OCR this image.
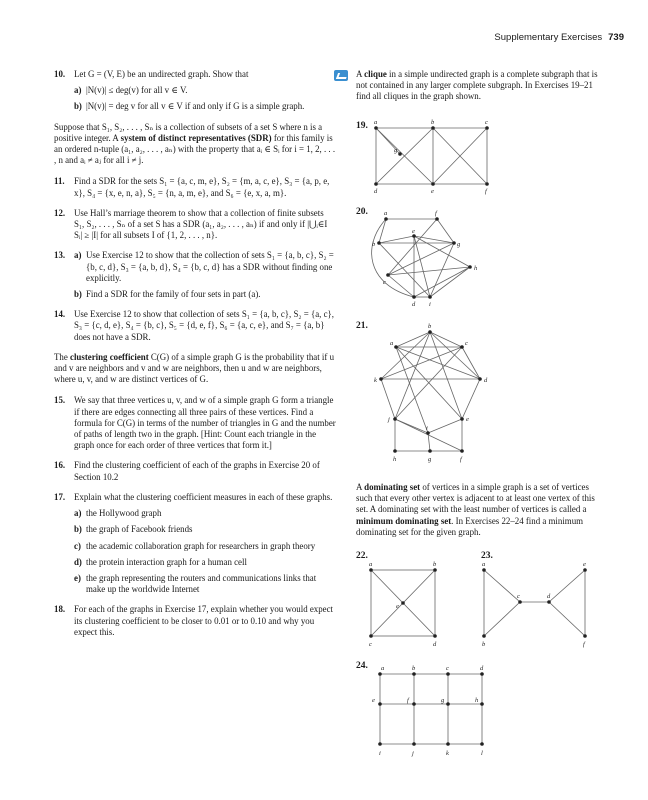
Supplementary Exercises 739
10. Let G = (V, E) be an undirected graph. Show that
a) |N(v)| ≤ deg(v) for all v ∈ V.
b) |N(v)| = deg v for all v ∈ V if and only if G is a simple graph.
Suppose that S₁, S₂, . . . , Sₙ is a collection of subsets of a set S where n is a positive integer. A system of distinct representatives (SDR) for this family is an ordered n-tuple (a₁, a₂, . . . , aₙ) with the property that aᵢ ∈ Sᵢ for i = 1, 2, . . . , n and aᵢ ≠ aⱼ for all i ≠ j.
11. Find a SDR for the sets S₁ = {a, c, m, e}, S₂ = {m, a, c, e}, S₃ = {a, p, e, x}, S₄ = {x, e, n, a}, S₅ = {n, a, m, e}, and S₆ = {e, x, a, m}.
12. Use Hall’s marriage theorem to show that a collection of finite subsets S₁, S₂, . . . , Sₙ of a set S has a SDR (a₁, a₂, . . . , aₙ) if and only if |⋃ᵢ∈I Sᵢ| ≥ |I| for all subsets I of {1, 2, . . . , n}.
13. a) Use Exercise 12 to show that the collection of sets S₁ = {a, b, c}, S₂ = {b, c, d}, S₃ = {a, b, d}, S₄ = {b, c, d} has a SDR without finding one explicitly.
b) Find a SDR for the family of four sets in part (a).
14. Use Exercise 12 to show that collection of sets S₁ = {a, b, c}, S₂ = {a, c}, S₃ = {c, d, e}, S₄ = {b, c}, S₅ = {d, e, f}, S₆ = {a, c, e}, and S₇ = {a, b} does not have a SDR.
The clustering coefficient C(G) of a simple graph G is the probability that if u and v are neighbors and v and w are neighbors, then u and w are neighbors, where u, v, and w are distinct vertices of G.
15. We say that three vertices u, v, and w of a simple graph G form a triangle if there are edges connecting all three pairs of these vertices. Find a formula for C(G) in terms of the number of triangles in G and the number of paths of length two in the graph. [Hint: Count each triangle in the graph once for each order of three vertices that form it.]
16. Find the clustering coefficient of each of the graphs in Exercise 20 of Section 10.2
17. Explain what the clustering coefficient measures in each of these graphs.
a) the Hollywood graph
b) the graph of Facebook friends
c) the academic collaboration graph for researchers in graph theory
d) the protein interaction graph for a human cell
e) the graph representing the routers and communications links that make up the worldwide Internet
18. For each of the graphs in Exercise 17, explain whether you would expect its clustering coefficient to be closer to 0.01 or to 0.10 and why you expect this.
A clique in a simple undirected graph is a complete subgraph that is not contained in any larger complete subgraph. In Exercises 19–21 find all cliques in the graph shown.
A dominating set of vertices in a simple graph is a set of vertices such that every other vertex is adjacent to at least one vertex of this set. A dominating set with the least number of vertices is called a minimum dominating set. In Exercises 22–24 find a minimum dominating set for the given graph.
19.
20.
21.
22.	23.
24.
a	b	c
d	e	f
g
a
b
c
d
e
f
g
h
i
a
b
c
d
e
f
g
h
i
j
k
a	b
c	d
e
a
b
c	d
e
f
a	b	c	d
e	f	g	h
i	j	k	l
